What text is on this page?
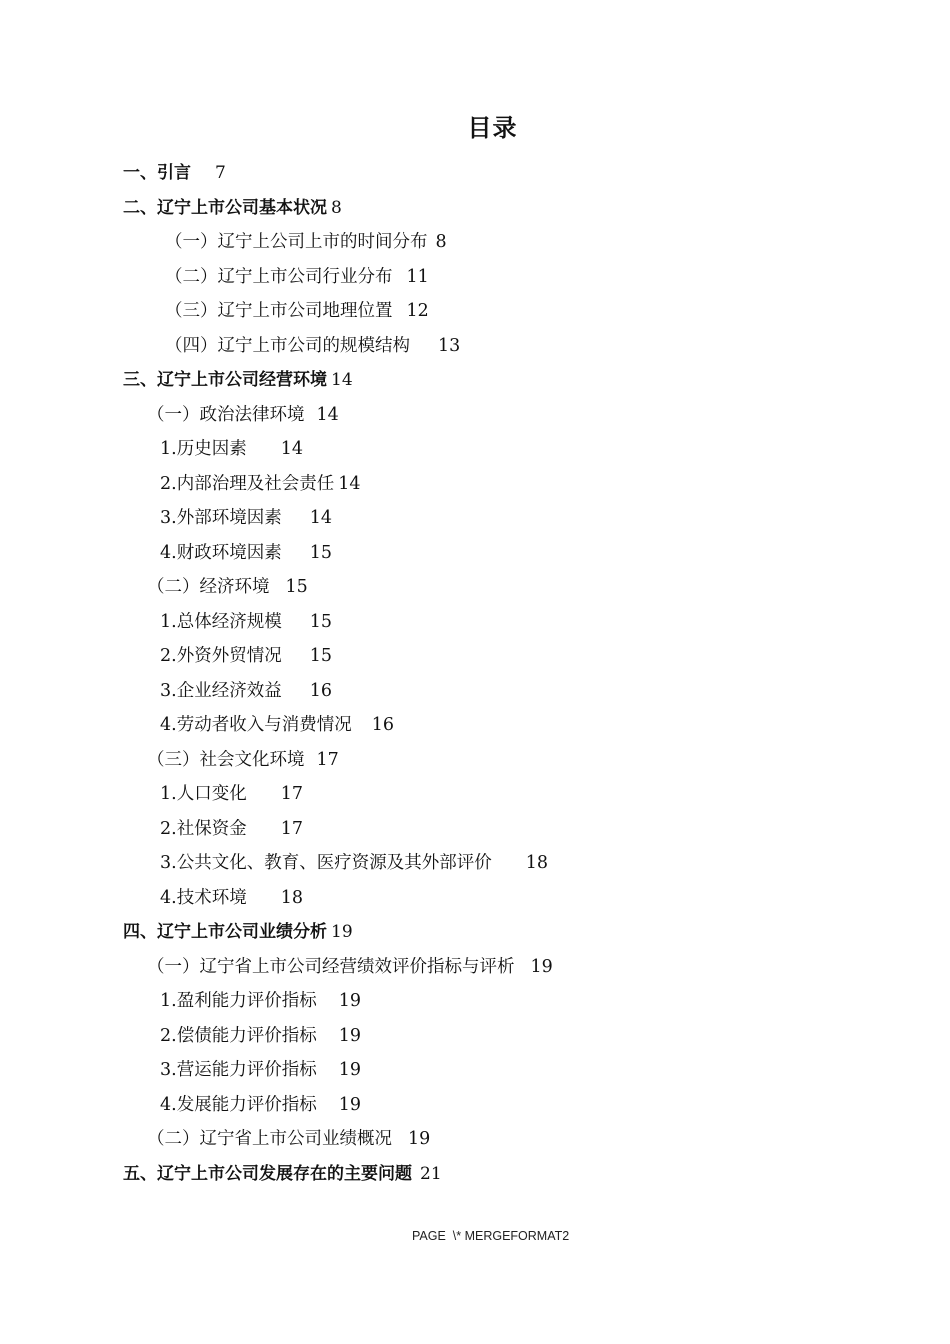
目录
一、引言 7
二、辽宁上市公司基本状况 8
（一）辽宁上公司上市的时间分布 8
（二）辽宁上市公司行业分布 11
（三）辽宁上市公司地理位置 12
（四）辽宁上市公司的规模结构 13
三、辽宁上市公司经营环境 14
（一）政治法律环境 14
1.历史因素 14
2.内部治理及社会责任 14
3.外部环境因素 14
4.财政环境因素 15
（二）经济环境 15
1.总体经济规模 15
2.外资外贸情况 15
3.企业经济效益 16
4.劳动者收入与消费情况 16
（三）社会文化环境 17
1.人口变化 17
2.社保资金 17
3.公共文化、教育、医疗资源及其外部评价 18
4.技术环境 18
四、辽宁上市公司业绩分析 19
（一）辽宁省上市公司经营绩效评价指标与评析 19
1.盈利能力评价指标 19
2.偿债能力评价指标 19
3.营运能力评价指标 19
4.发展能力评价指标 19
（二）辽宁省上市公司业绩概况 19
五、辽宁上市公司发展存在的主要问题 21
PAGE  \* MERGEFORMAT2
